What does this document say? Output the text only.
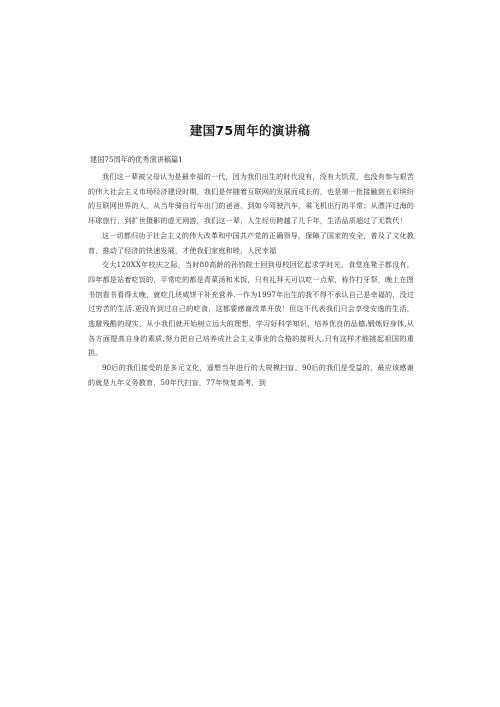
建国75周年的演讲稿

建国75周年的优秀演讲稿篇1

我们这一辈被父母认为是最幸福的一代，因为我们出生的时代没有，没有大饥荒，也没有参与艰苦的伟大社会主义市场经济建设时期，我们是伴随着互联网的发展而成长的，也是第一批接触到五彩缤纷的互联网世界的人，从当年骑自行车出门的爸爸、到如今驾驶汽车，乘飞机出行的平常；从漂洋过海的环球旅行、到扩世摄影的虚无网游，我们这一辈，人生经历跨越了几千年，生活品质超过了无数代！

这一切都归功于社会主义的伟大改革和中国共产党的正确领导，保障了国家的安全，普及了文化教育，推动了经济的快速发展，才使我们家庭和睦，人民幸福

交大120XX年校庆之际，当时80高龄的孙钧院士回到母校回忆起求学时光，食堂连凳子都没有，四年都是站着吃饭的，平常吃的都是青菜汤和米饭，只有礼拜天可以吃一点荤，称作打牙祭，晚上在图书馆看书看得太晚，就吃几块咸饼干补充营养.一作为1997年出生的我不得不承认自己是幸福的，没过过穷苦的生活.更没有到过自己的吃食，这都要感谢改革开放！但这不代表我们只会享受安逸的生活，逃避残酷的现实，从小我们就开始树立远大的理想，学习好科学知识，培养优良的品德,锻炼好身体,从各方面提高自身的素质,努力把自己培养成社会主义事业的合格的接班人,只有这样才能挑起祖国的重担。

90后的我们接受的是多元文化，遥想当年进行的大规模扫盲，90后的我们是受益的，最应该感谢的就是九年义务教育，50年代扫盲，77年恢复高考，到
